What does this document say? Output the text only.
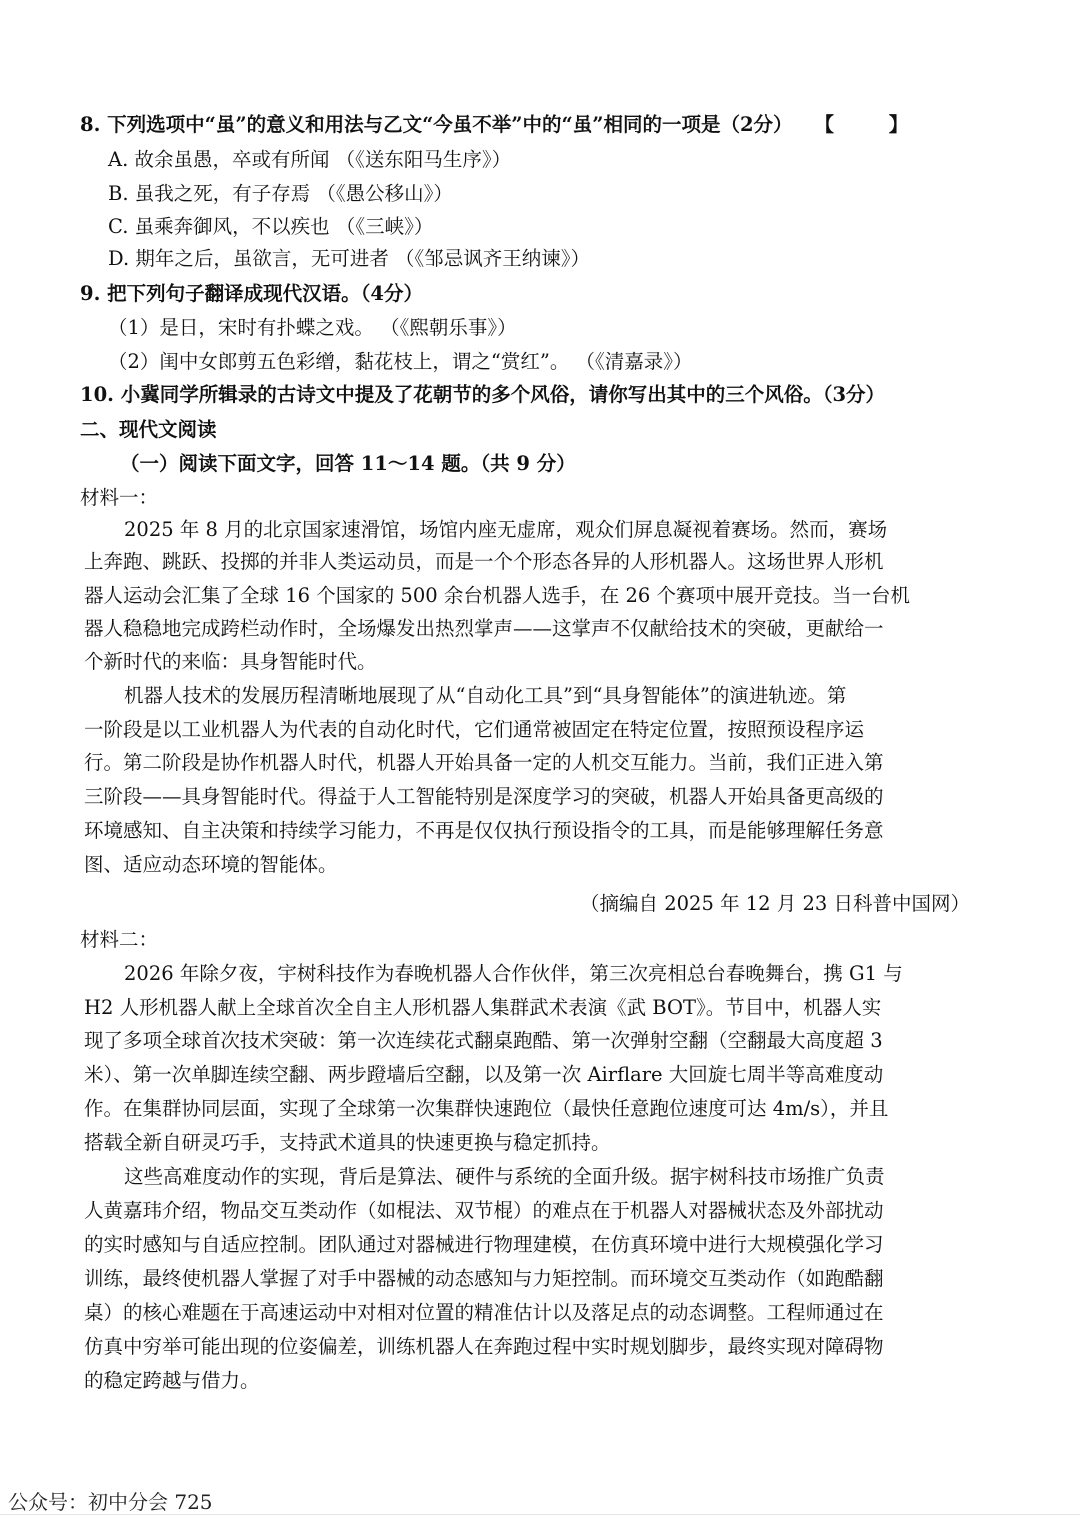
8. 下列选项中“虽”的意义和用法与乙文“今虽不举”中的“虽”相同的一项是（2分） 【 】
A. 故余虽愚，卒或有所闻 （《送东阳马生序》）
B. 虽我之死，有子存焉 （《愚公移山》）
C. 虽乘奔御风，不以疾也 （《三峡》）
D. 期年之后，虽欲言，无可进者 （《邹忌讽齐王纳谏》）
9. 把下列句子翻译成现代汉语。（4分）
（1）是日，宋时有扑蝶之戏。 （《熙朝乐事》）
（2）闺中女郎剪五色彩缯，黏花枝上，谓之“赏红”。 （《清嘉录》）
10. 小冀同学所辑录的古诗文中提及了花朝节的多个风俗，请你写出其中的三个风俗。（3分）
二、现代文阅读
（一）阅读下面文字，回答 11～14 题。（共 9 分）
材料一：
2025 年 8 月的北京国家速滑馆，场馆内座无虚席，观众们屏息凝视着赛场。然而，赛场
上奔跑、跳跃、投掷的并非人类运动员，而是一个个形态各异的人形机器人。这场世界人形机
器人运动会汇集了全球 16 个国家的 500 余台机器人选手，在 26 个赛项中展开竞技。当一台机
器人稳稳地完成跨栏动作时，全场爆发出热烈掌声——这掌声不仅献给技术的突破，更献给一
个新时代的来临：具身智能时代。
机器人技术的发展历程清晰地展现了从“自动化工具”到“具身智能体”的演进轨迹。第
一阶段是以工业机器人为代表的自动化时代，它们通常被固定在特定位置，按照预设程序运
行。第二阶段是协作机器人时代，机器人开始具备一定的人机交互能力。当前，我们正进入第
三阶段——具身智能时代。得益于人工智能特别是深度学习的突破，机器人开始具备更高级的
环境感知、自主决策和持续学习能力，不再是仅仅执行预设指令的工具，而是能够理解任务意
图、适应动态环境的智能体。
（摘编自 2025 年 12 月 23 日科普中国网）
材料二：
2026 年除夕夜，宇树科技作为春晚机器人合作伙伴，第三次亮相总台春晚舞台，携 G1 与
H2 人形机器人献上全球首次全自主人形机器人集群武术表演《武 BOT》。节目中，机器人实
现了多项全球首次技术突破：第一次连续花式翻桌跑酷、第一次弹射空翻（空翻最大高度超 3
米）、第一次单脚连续空翻、两步蹬墙后空翻，以及第一次 Airflare 大回旋七周半等高难度动
作。在集群协同层面，实现了全球第一次集群快速跑位（最快任意跑位速度可达 4m/s），并且
搭载全新自研灵巧手，支持武术道具的快速更换与稳定抓持。
这些高难度动作的实现，背后是算法、硬件与系统的全面升级。据宇树科技市场推广负责
人黄嘉玮介绍，物品交互类动作（如棍法、双节棍）的难点在于机器人对器械状态及外部扰动
的实时感知与自适应控制。团队通过对器械进行物理建模，在仿真环境中进行大规模强化学习
训练，最终使机器人掌握了对手中器械的动态感知与力矩控制。而环境交互类动作（如跑酷翻
桌）的核心难题在于高速运动中对相对位置的精准估计以及落足点的动态调整。工程师通过在
仿真中穷举可能出现的位姿偏差，训练机器人在奔跑过程中实时规划脚步，最终实现对障碍物
的稳定跨越与借力。
公众号：初中分会 725
